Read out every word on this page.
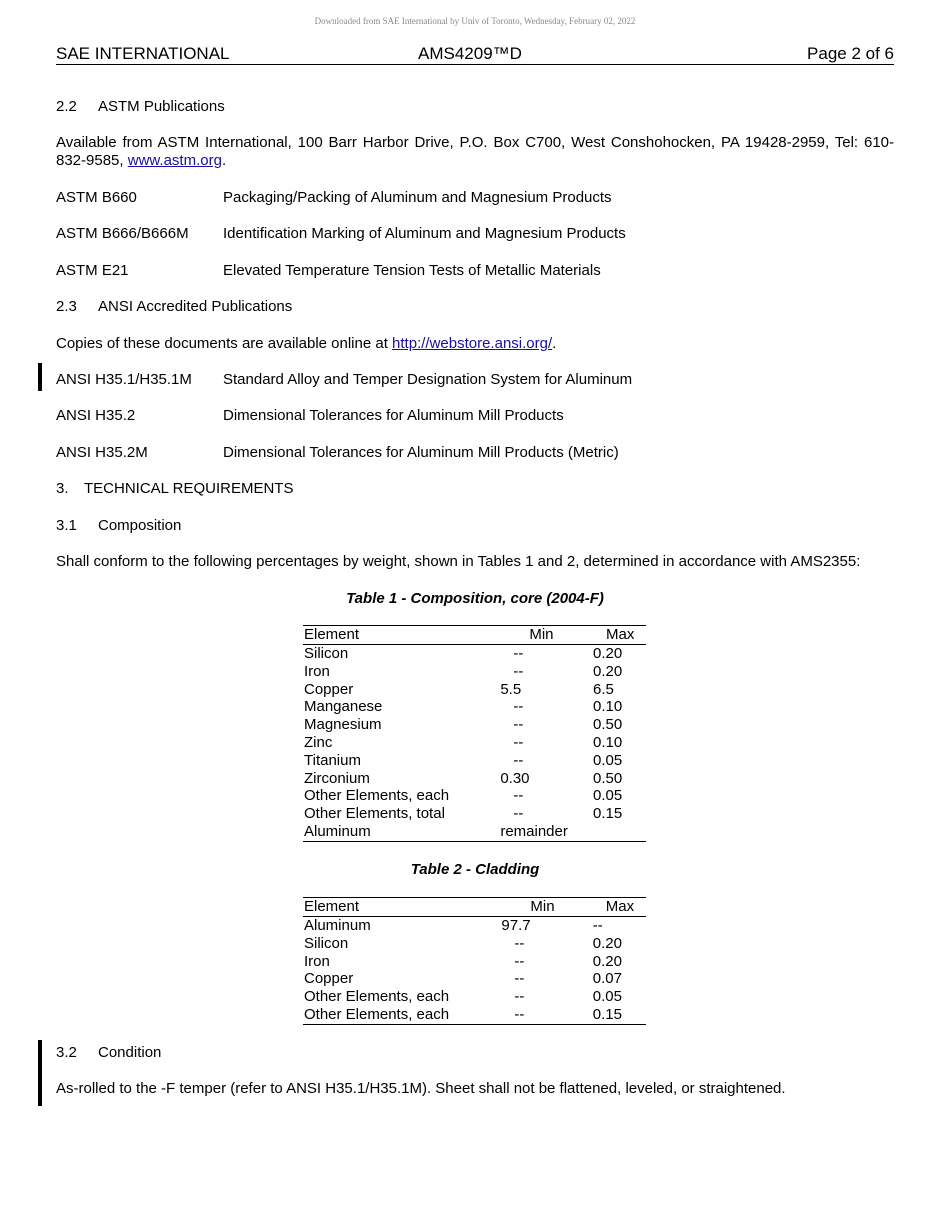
Downloaded from SAE International by Univ of Toronto, Wednesday, February 02, 2022
SAE INTERNATIONAL	AMS4209™D	Page 2 of 6
2.2 ASTM Publications
Available from ASTM International, 100 Barr Harbor Drive, P.O. Box C700, West Conshohocken, PA 19428-2959, Tel: 610-832-9585, www.astm.org.
ASTM B660	Packaging/Packing of Aluminum and Magnesium Products
ASTM B666/B666M Identification Marking of Aluminum and Magnesium Products
ASTM E21	Elevated Temperature Tension Tests of Metallic Materials
2.3 ANSI Accredited Publications
Copies of these documents are available online at http://webstore.ansi.org/.
ANSI H35.1/H35.1M Standard Alloy and Temper Designation System for Aluminum
ANSI H35.2	Dimensional Tolerances for Aluminum Mill Products
ANSI H35.2M	Dimensional Tolerances for Aluminum Mill Products (Metric)
3. TECHNICAL REQUIREMENTS
3.1 Composition
Shall conform to the following percentages by weight, shown in Tables 1 and 2, determined in accordance with AMS2355:
Table 1 - Composition, core (2004-F)
Element	Min	Max
Silicon	--	0.20
Iron	--	0.20
Copper	5.5	6.5
Manganese	--	0.10
Magnesium	--	0.50
Zinc	--	0.10
Titanium	--	0.05
Zirconium	0.30	0.50
Other Elements, each	--	0.05
Other Elements, total	--	0.15
Aluminum	remainder	
Table 2 - Cladding
Element	Min	Max
Aluminum	97.7	--
Silicon	--	0.20
Iron	--	0.20
Copper	--	0.07
Other Elements, each	--	0.05
Other Elements, each	--	0.15
3.2 Condition
As-rolled to the -F temper (refer to ANSI H35.1/H35.1M). Sheet shall not be flattened, leveled, or straightened.
